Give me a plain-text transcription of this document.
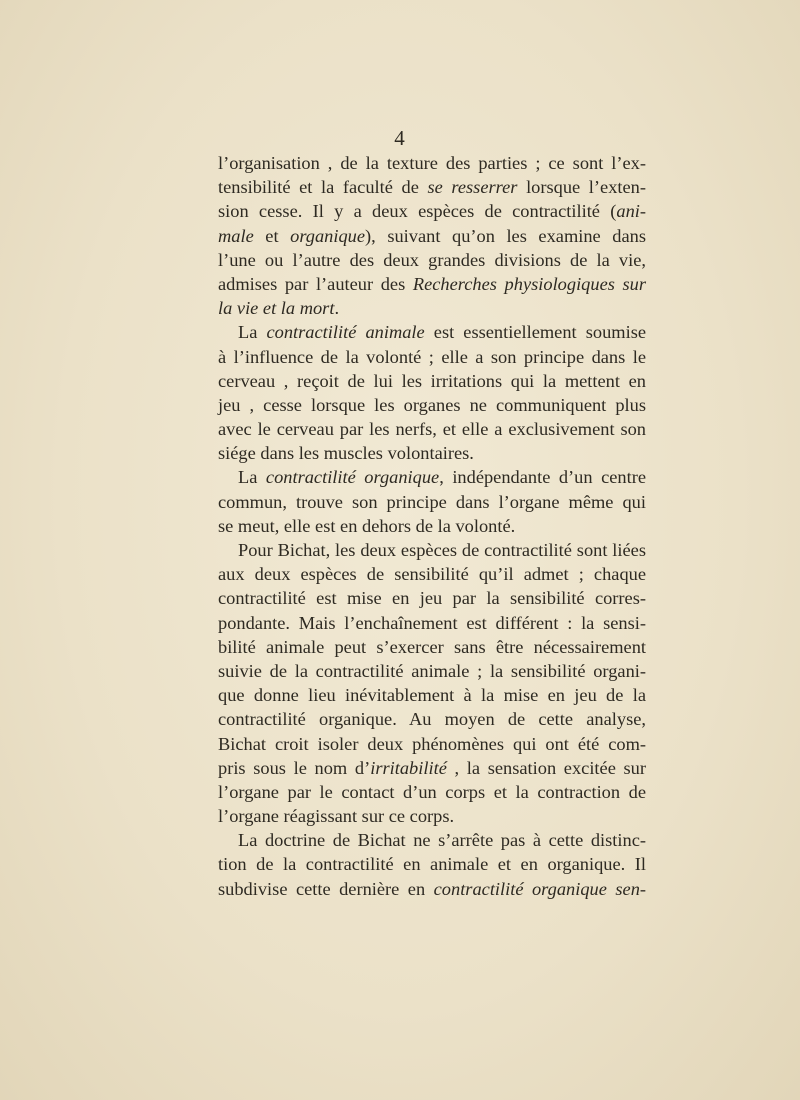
4
l’organisation , de la texture des parties ; ce sont l’ex-
tensibilité et la faculté de se resserrer lorsque l’exten-
sion cesse. Il y a deux espèces de contractilité (ani-
male et organique), suivant qu’on les examine dans
l’une ou l’autre des deux grandes divisions de la vie,
admises par l’auteur des Recherches physiologiques sur
la vie et la mort.
La contractilité animale est essentiellement soumise
à l’influence de la volonté ; elle a son principe dans le
cerveau , reçoit de lui les irritations qui la mettent en
jeu , cesse lorsque les organes ne communiquent plus
avec le cerveau par les nerfs, et elle a exclusivement son
siége dans les muscles volontaires.
La contractilité organique, indépendante d’un centre
commun, trouve son principe dans l’organe même qui
se meut, elle est en dehors de la volonté.
Pour Bichat, les deux espèces de contractilité sont liées
aux deux espèces de sensibilité qu’il admet ; chaque
contractilité est mise en jeu par la sensibilité corres-
pondante. Mais l’enchaînement est différent : la sensi-
bilité animale peut s’exercer sans être nécessairement
suivie de la contractilité animale ; la sensibilité organi-
que donne lieu inévitablement à la mise en jeu de la
contractilité organique. Au moyen de cette analyse,
Bichat croit isoler deux phénomènes qui ont été com-
pris sous le nom d’irritabilité , la sensation excitée sur
l’organe par le contact d’un corps et la contraction de
l’organe réagissant sur ce corps.
La doctrine de Bichat ne s’arrête pas à cette distinc-
tion de la contractilité en animale et en organique. Il
subdivise cette dernière en contractilité organique sen-
